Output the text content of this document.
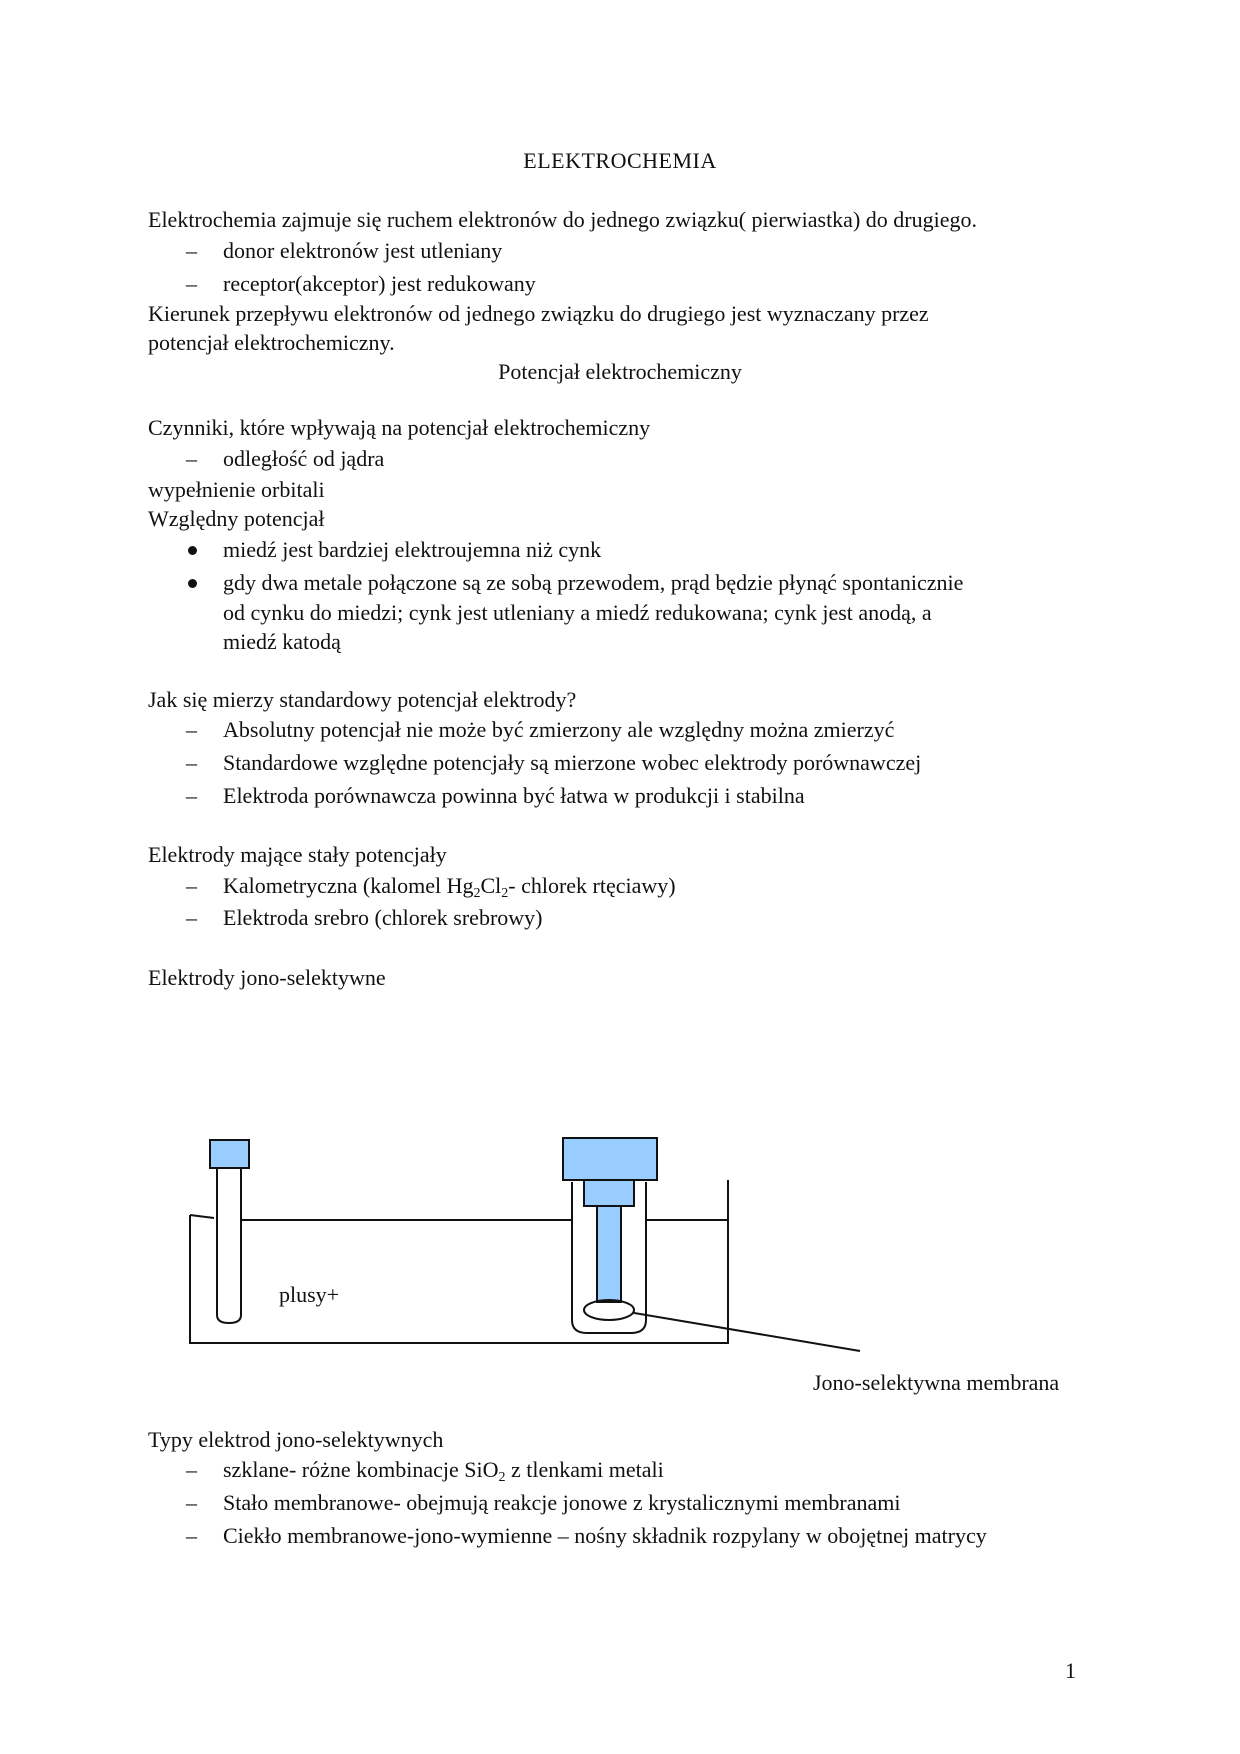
ELEKTROCHEMIA
Elektrochemia zajmuje się ruchem elektronów do jednego związku( pierwiastka) do drugiego.
– donor elektronów jest utleniany
– receptor(akceptor) jest redukowany
Kierunek przepływu elektronów od jednego związku do drugiego jest wyznaczany przez
potencjał elektrochemiczny.
Potencjał elektrochemiczny
Czynniki, które wpływają na potencjał elektrochemiczny
– odległość od jądra
wypełnienie orbitali
Względny potencjał
miedź jest bardziej elektroujemna niż cynk
gdy dwa metale połączone są ze sobą przewodem, prąd będzie płynąć spontanicznie
od cynku do miedzi; cynk jest utleniany a miedź redukowana; cynk jest anodą, a
miedź katodą
Jak się mierzy standardowy potencjał elektrody?
– Absolutny potencjał nie może być zmierzony ale względny można zmierzyć
– Standardowe względne potencjały są mierzone wobec elektrody porównawczej
– Elektroda porównawcza powinna być łatwa w produkcji i stabilna
Elektrody mające stały potencjały
– Kalometryczna (kalomel $Hg_2Cl_2-$ chlorek rtęciawy)
– Elektroda srebro (chlorek srebrowy)
Elektrody jono-selektywne
plusy+
Jono-selektywna membrana
Typy elektrod jono-selektywnych
– szklane- różne kombinacje SiO$_2$ z tlenkami metali
– Stało membranowe- obejmują reakcje jonowe z krystalicznymi membranami
– Ciekło membranowe-jono-wymienne – nośny składnik rozpylany w obojętnej matrycy
1
